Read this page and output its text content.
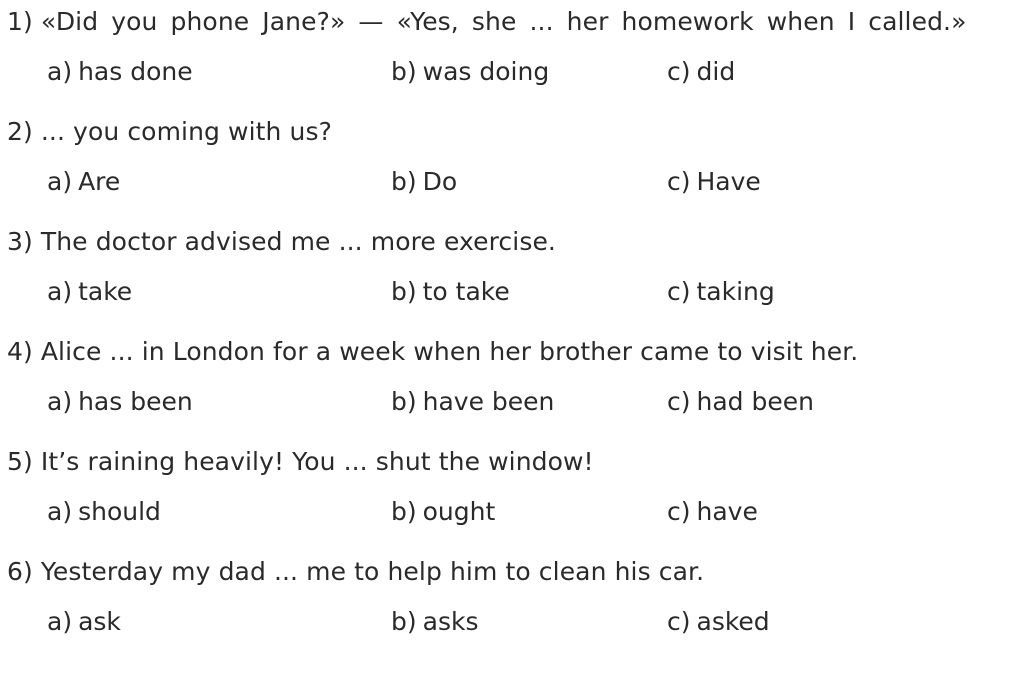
1) «Did you phone Jane?» — «Yes, she ... her homework when I called.»
a) has done	b) was doing	c) did
2) ... you coming with us?
a) Are	b) Do	c) Have
3) The doctor advised me ... more exercise.
a) take	b) to take	c) taking
4) Alice ... in London for a week when her brother came to visit her.
a) has been	b) have been	c) had been
5) It’s raining heavily! You ... shut the window!
a) should	b) ought	c) have
6) Yesterday my dad ... me to help him to clean his car.
a) ask	b) asks	c) asked
